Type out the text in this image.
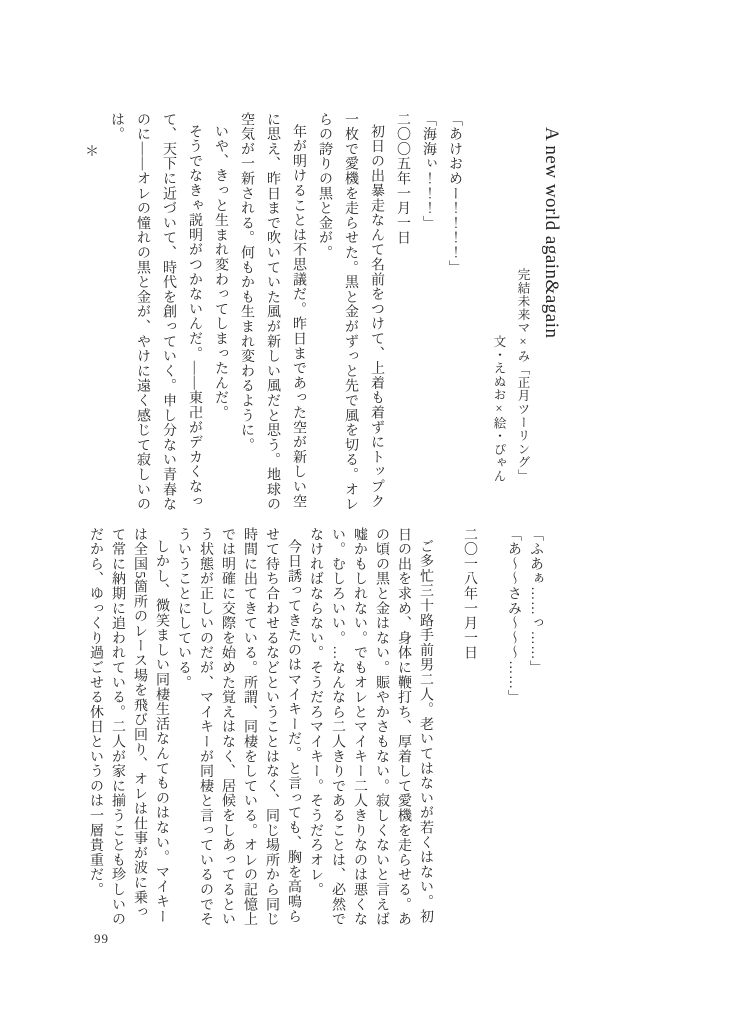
A new world again&again

完結未来マ×み「正月ツーリング」

文・えぬお×絵・ぴゃん

「あけおめー！！！！」

「海海ぃ！！！」

二〇〇五年一月一日

初日の出暴走なんて名前をつけて、上着も着ずにトップク

一枚で愛機を走らせた。黒と金がずっと先で風を切る。オレ

らの誇りの黒と金が。

年が明けることは不思議だ。昨日まであった空が新しい空

に思え、昨日まで吹いていた風が新しい風だと思う。地球の

空気が一新される。何もかも生まれ変わるように。

いや、きっと生まれ変わってしまったんだ。

そうでなきゃ説明がつかないんだ。――東卍がデカくなっ

て、天下に近づいて、時代を創っていく。申し分ない青春な

のに――オレの憧れの黒と金が、やけに遠く感じて寂しいの

は。

＊

「ふあぁ……っ……」

「あ～～さみ～～～……」

二〇一八年一月一日

ご多忙三十路手前男二人。老いてはないが若くはない。初

日の出を求め、身体に鞭打ち、厚着して愛機を走らせる。あ

の頃の黒と金はない。賑やかさもない。寂しくないと言えば

嘘かもしれない。でもオレとマイキー二人きりなのは悪くな

い。むしろいい。…なんなら二人きりであることは、必然で

なければならない。そうだろマイキー。そうだろオレ。

今日誘ってきたのはマイキーだ。と言っても、胸を高鳴ら

せて待ち合わせるなどということはなく、同じ場所から同じ

時間に出てきている。所謂、同棲をしている。オレの記憶上

では明確に交際を始めた覚えはなく、居候をしあってるとい

う状態が正しいのだが、マイキーが同棲と言っているのでそ

ういうことにしている。

しかし、微笑ましい同棲生活なんてものはない。マイキー

は全国5箇所のレース場を飛び回り、オレは仕事が波に乗っ

て常に納期に追われている。二人が家に揃うことも珍しいの

だから、ゆっくり過ごせる休日というのは一層貴重だ。

99
